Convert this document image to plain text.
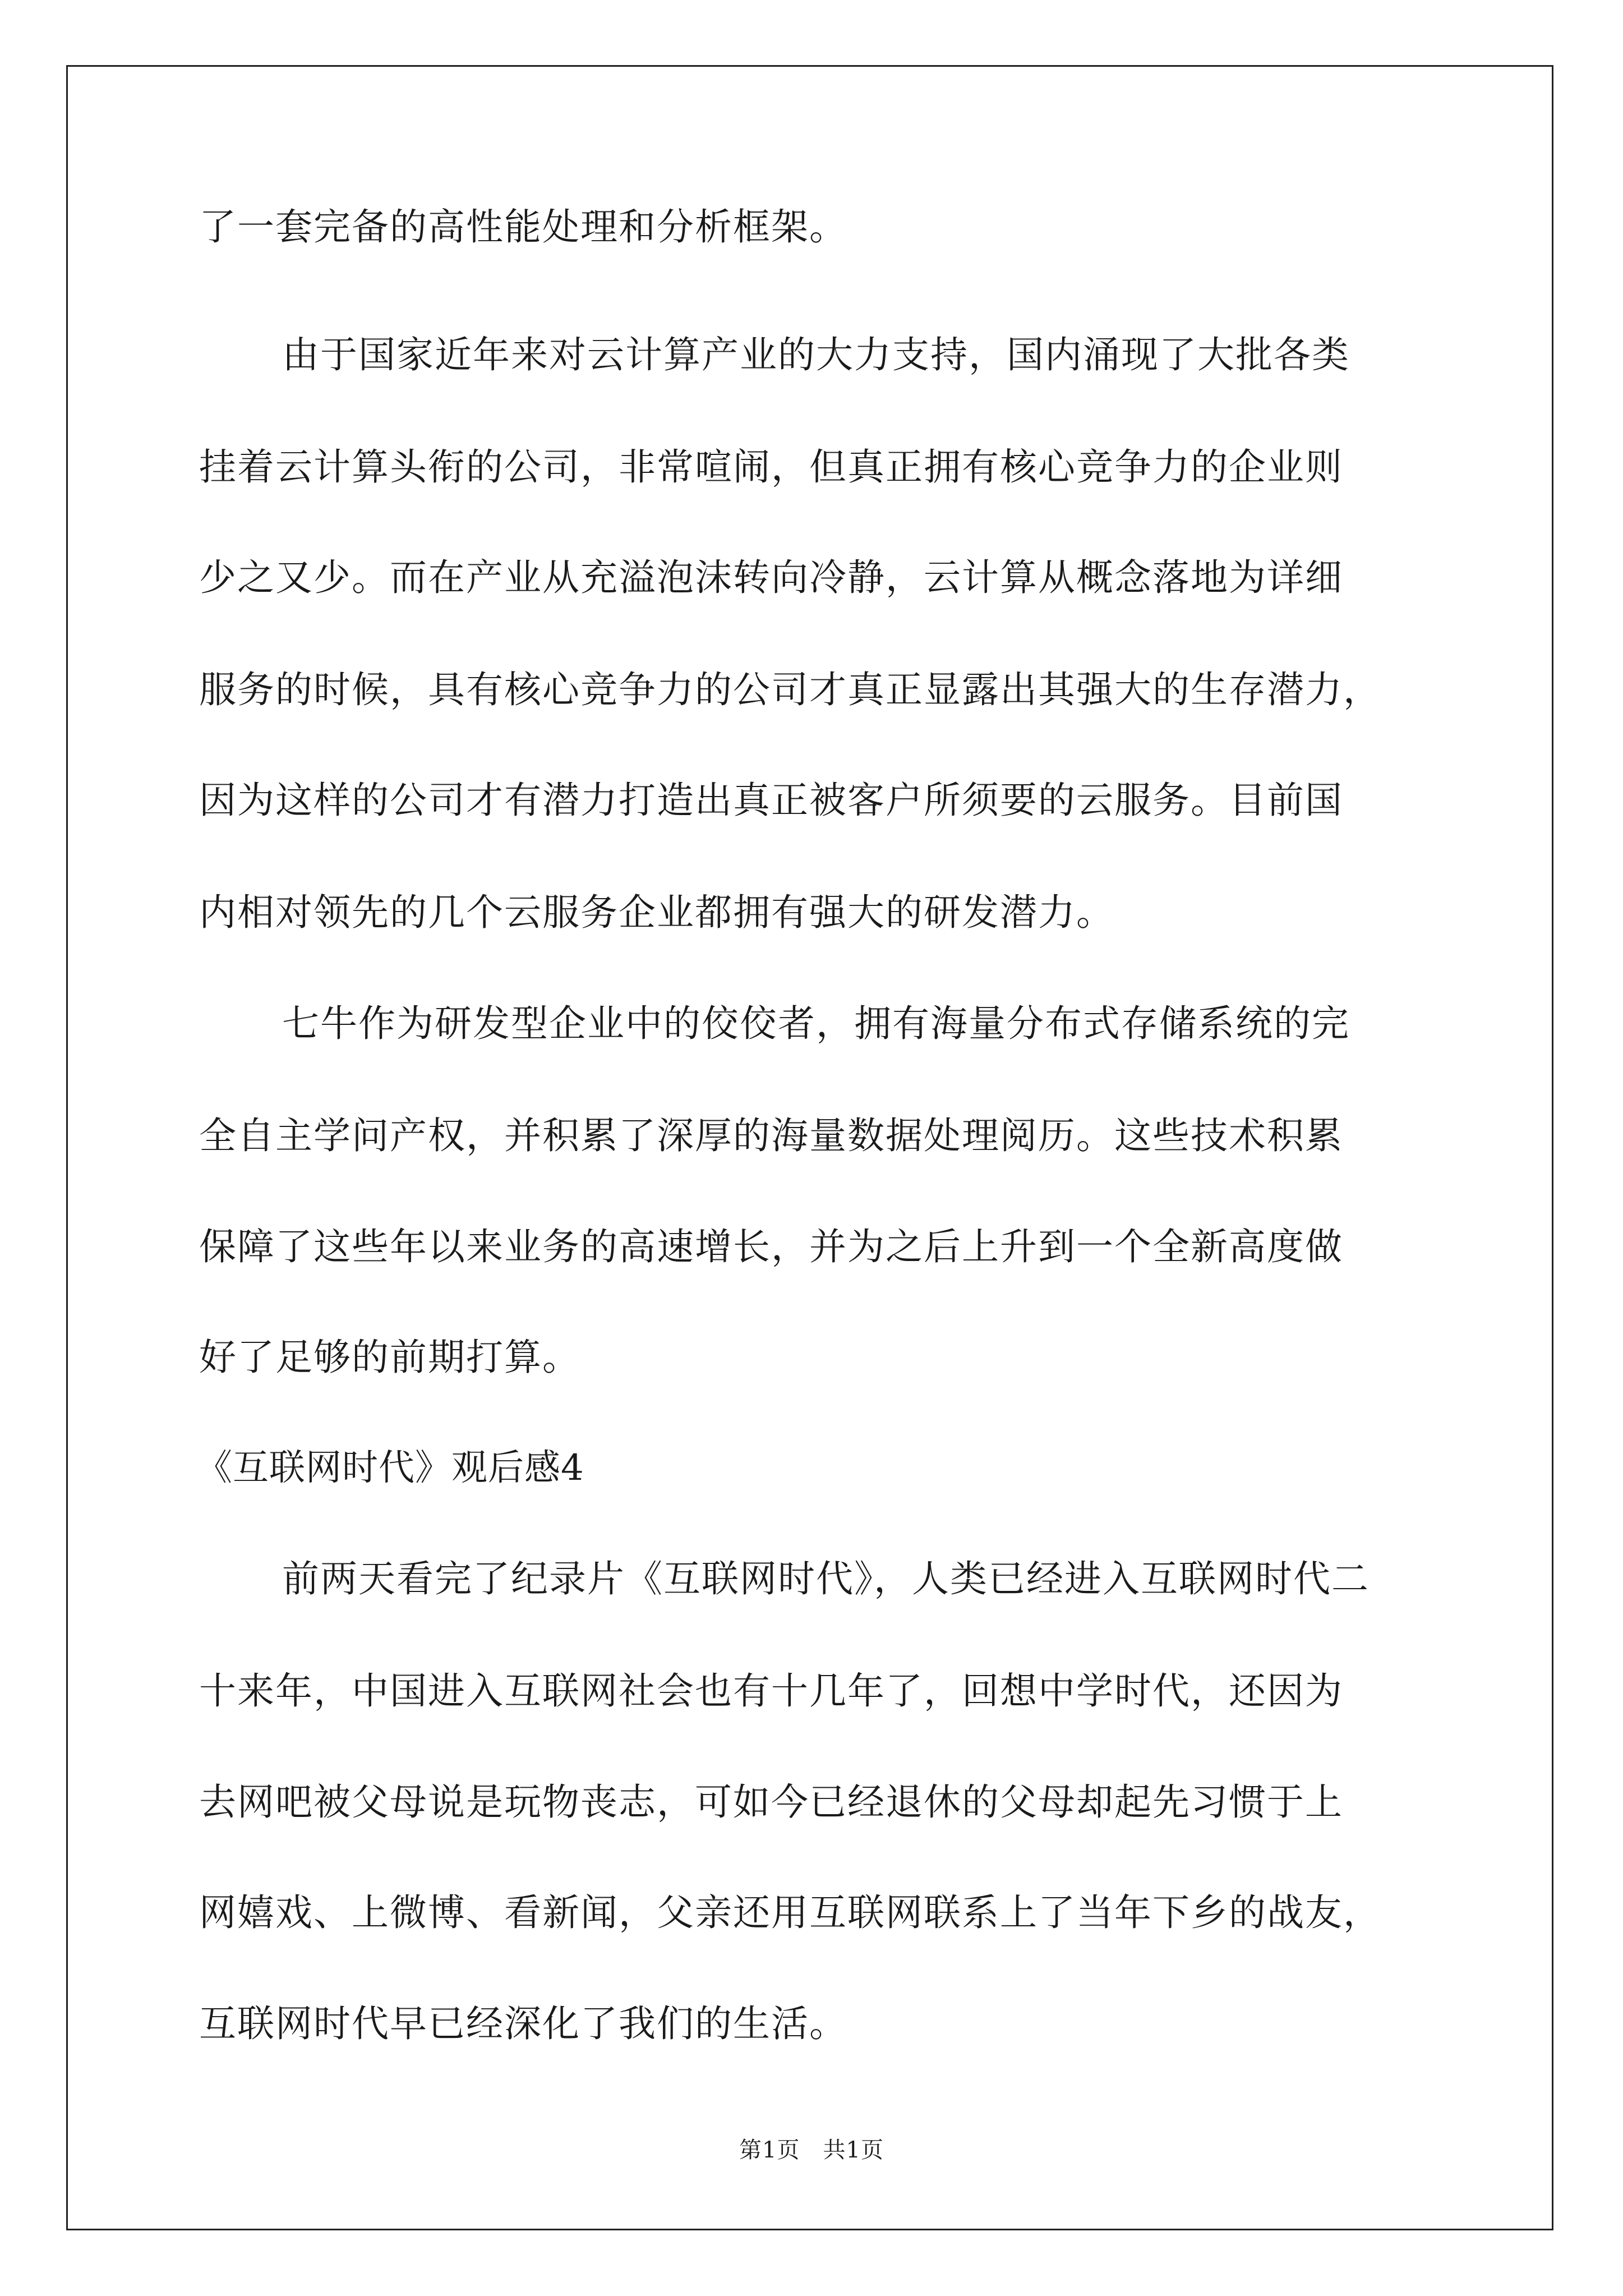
了一套完备的高性能处理和分析框架。
由于国家近年来对云计算产业的大力支持，国内涌现了大批各类
挂着云计算头衔的公司，非常喧闹，但真正拥有核心竞争力的企业则
少之又少。而在产业从充溢泡沫转向冷静，云计算从概念落地为详细
服务的时候，具有核心竞争力的公司才真正显露出其强大的生存潜力，
因为这样的公司才有潜力打造出真正被客户所须要的云服务。目前国
内相对领先的几个云服务企业都拥有强大的研发潜力。
七牛作为研发型企业中的佼佼者，拥有海量分布式存储系统的完
全自主学问产权，并积累了深厚的海量数据处理阅历。这些技术积累
保障了这些年以来业务的高速增长，并为之后上升到一个全新高度做
好了足够的前期打算。
《互联网时代》观后感4
前两天看完了纪录片《互联网时代》，人类已经进入互联网时代二
十来年，中国进入互联网社会也有十几年了，回想中学时代，还因为
去网吧被父母说是玩物丧志，可如今已经退休的父母却起先习惯于上
网嬉戏、上微博、看新闻，父亲还用互联网联系上了当年下乡的战友，
互联网时代早已经深化了我们的生活。
第1页　共1页
